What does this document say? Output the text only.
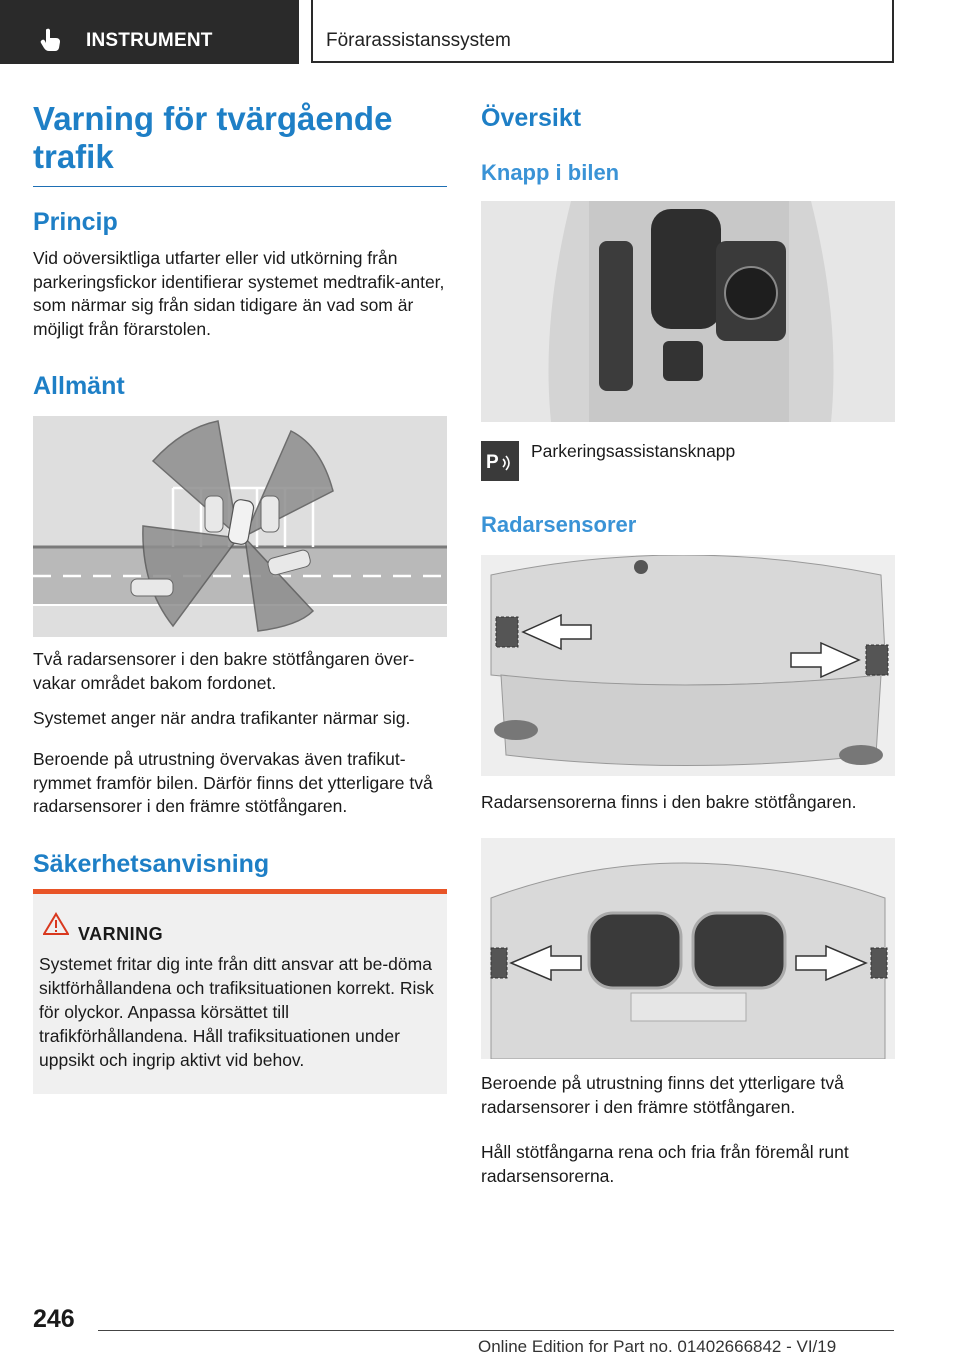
INSTRUMENT	Förarassistanssystem
Varning för tvärgående trafik
Princip

Vid oöversiktliga utfarter eller vid utkörning från parkeringsfickor identifierar systemet medtrafik-anter, som närmar sig från sidan tidigare än vad som är möjligt från förarstolen.

Allmänt

Två radarsensorer i den bakre stötfångaren över-vakar området bakom fordonet.

Systemet anger när andra trafikanter närmar sig.

Beroende på utrustning övervakas även trafikut-rymmet framför bilen. Därför finns det ytterligare två radarsensorer i den främre stötfångaren.

Säkerhetsanvisning
VARNING
Systemet fritar dig inte från ditt ansvar att be-döma siktförhållandena och trafiksituationen korrekt. Risk för olyckor. Anpassa körsättet till trafikförhållandena. Håll trafiksituationen under uppsikt och ingrip aktivt vid behov.
Översikt
Knapp i bilen
P

Parkeringsassistansknapp

Radarsensorer

Radarsensorerna finns i den bakre stötfångaren.

Beroende på utrustning finns det ytterligare två radarsensorer i den främre stötfångaren.

Håll stötfångarna rena och fria från föremål runt radarsensorerna.

246
Online Edition for Part no. 01402666842 - VI/19
